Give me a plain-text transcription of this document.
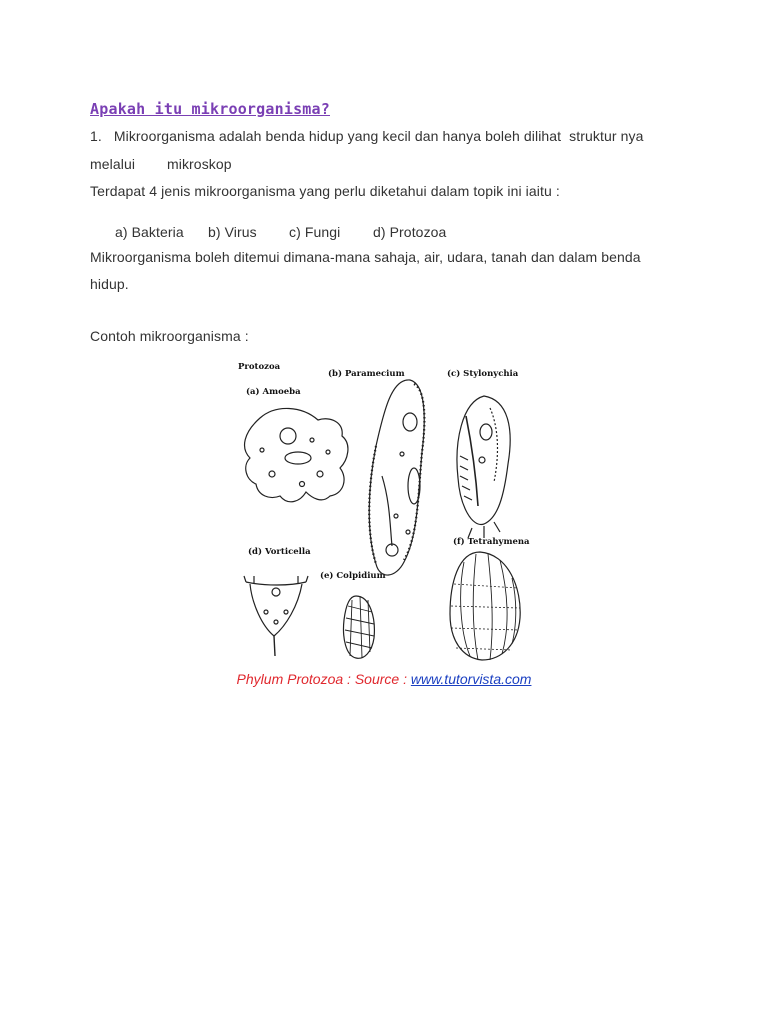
Apakah itu mikroorganisma?
1.   Mikroorganisma adalah benda hidup yang kecil dan hanya boleh dilihat  struktur nya
melalui        mikroskop
Terdapat 4 jenis mikroorganisma yang perlu diketahui dalam topik ini iaitu :

a) Bakteria b) Virus c) Fungi d) Protozoa

Mikroorganisma boleh ditemui dimana-mana sahaja, air, udara, tanah dan dalam benda
hidup.
Contoh mikroorganisma :
Protozoa
(a) Amoeba
(b) Paramecium	(c) Stylonychia
(d) Vorticella
(e) Colpidium
(f) Tetrahymena
Phylum Protozoa : Source : www.tutorvista.com
